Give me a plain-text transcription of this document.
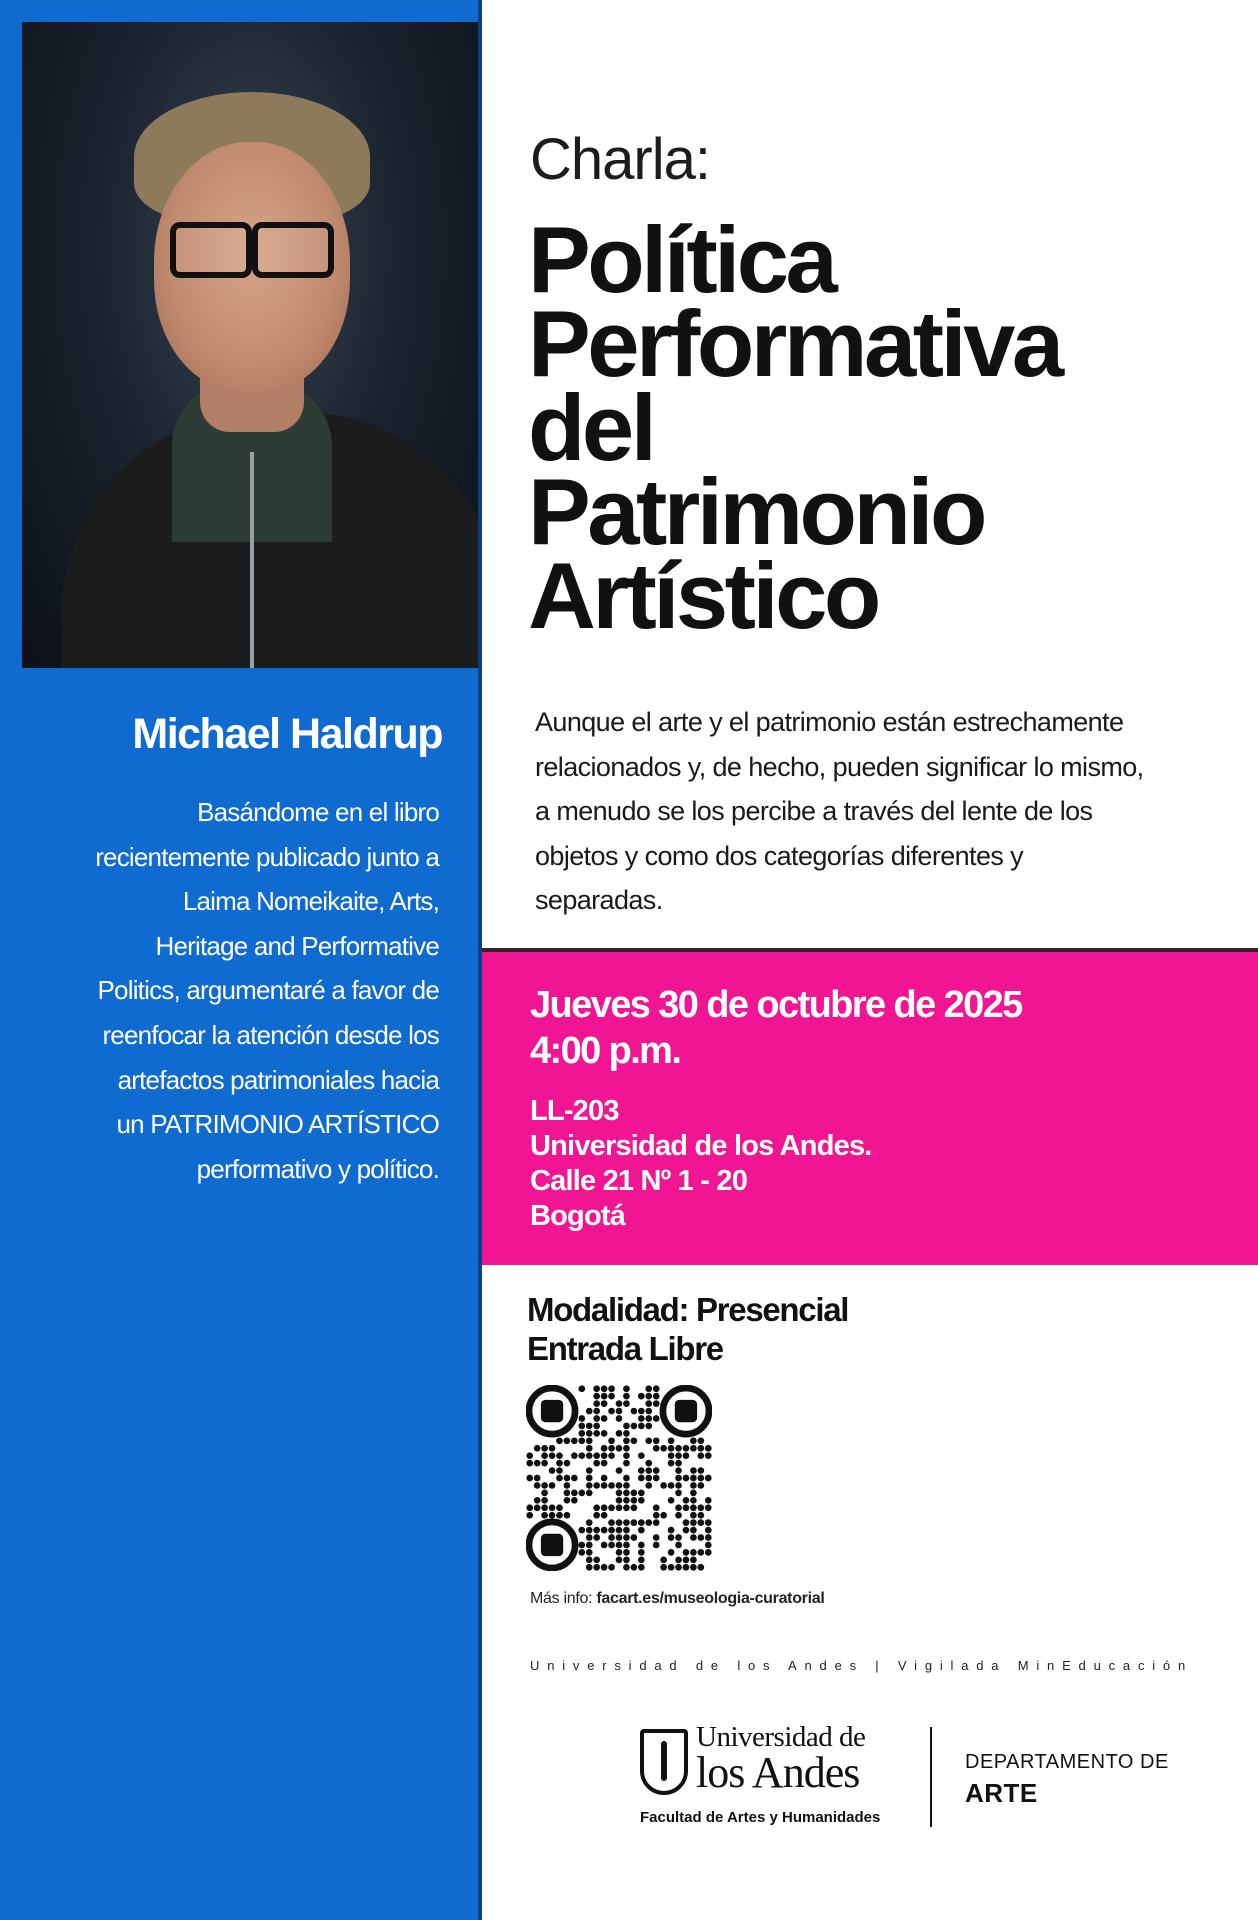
Michael Haldrup
Basándome en el libro
recientemente publicado junto a
Laima Nomeikaite, Arts,
Heritage and Performative
Politics, argumentaré a favor de
reenfocar la atención desde los
artefactos patrimoniales hacia
un PATRIMONIO ARTÍSTICO
performativo y político.
Charla:
Política
Performativa
del
Patrimonio
Artístico
Aunque el arte y el patrimonio están estrechamente
relacionados y, de hecho, pueden significar lo mismo,
a menudo se los percibe a través del lente de los
objetos y como dos categorías diferentes y
separadas.
Jueves 30 de octubre de 2025
4:00 p.m.
LL-203
Universidad de los Andes.
Calle 21 Nº 1 - 20
Bogotá
Modalidad: Presencial
Entrada Libre
Más info: facart.es/museologia-curatorial
Universidad de los Andes | Vigilada MinEducación
Universidad de
los Andes
Facultad de Artes y Humanidades
DEPARTAMENTO DE
ARTE
